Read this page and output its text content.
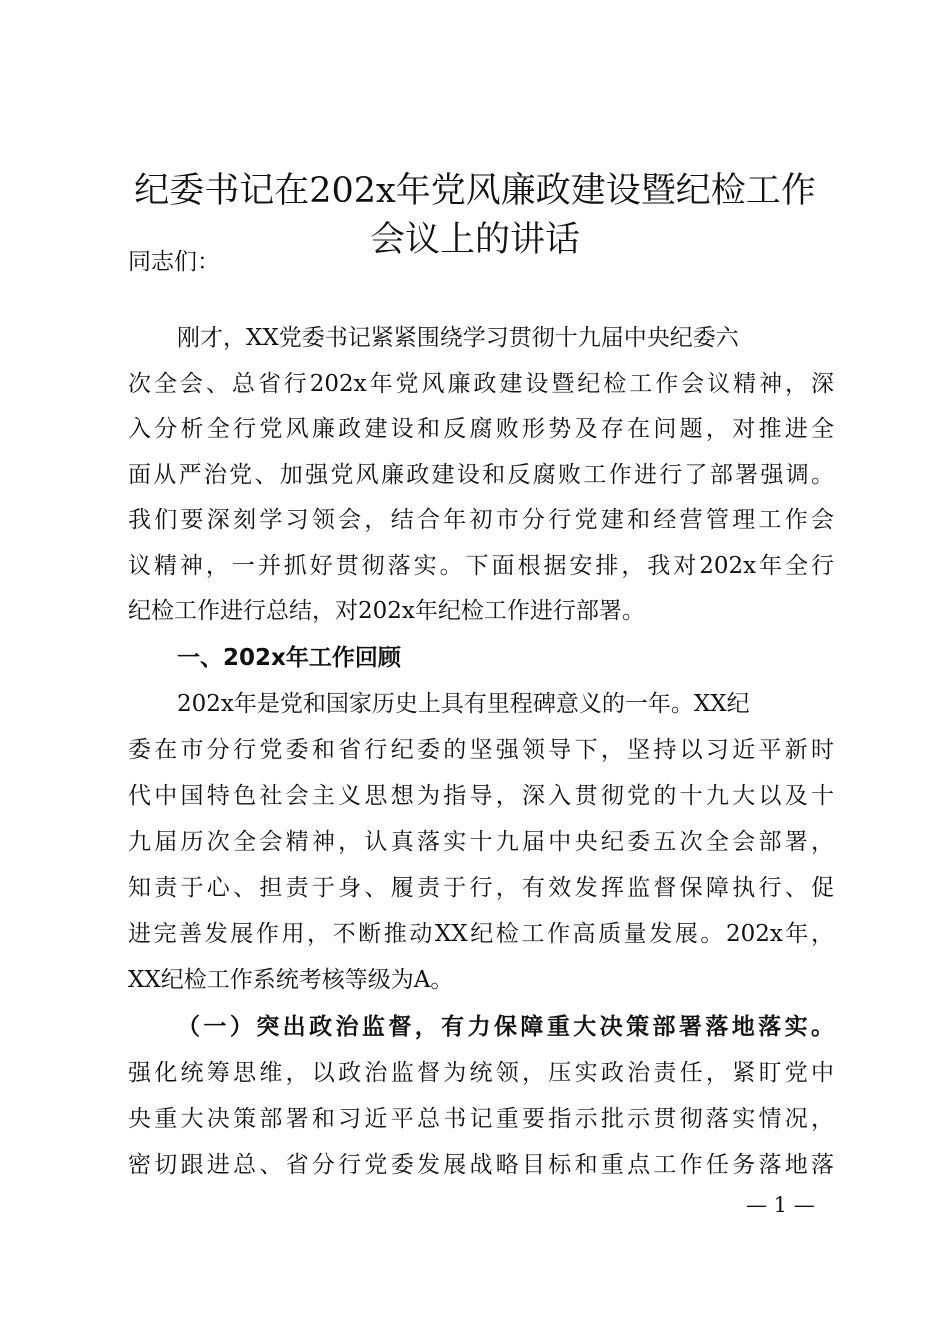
纪委书记在202x年党风廉政建设暨纪检工作
会议上的讲话
同志们：
刚才，XX党委书记紧紧围绕学习贯彻十九届中央纪委六
次全会、总省行202x年党风廉政建设暨纪检工作会议精神，深
入分析全行党风廉政建设和反腐败形势及存在问题，对推进全
面从严治党、加强党风廉政建设和反腐败工作进行了部署强调。
我们要深刻学习领会，结合年初市分行党建和经营管理工作会
议精神，一并抓好贯彻落实。下面根据安排，我对202x年全行
纪检工作进行总结，对202x年纪检工作进行部署。
一、202x年工作回顾
202x年是党和国家历史上具有里程碑意义的一年。XX纪
委在市分行党委和省行纪委的坚强领导下，坚持以习近平新时
代中国特色社会主义思想为指导，深入贯彻党的十九大以及十
九届历次全会精神，认真落实十九届中央纪委五次全会部署，
知责于心、担责于身、履责于行，有效发挥监督保障执行、促
进完善发展作用，不断推动XX纪检工作高质量发展。202x年，
XX纪检工作系统考核等级为A。
（一）突出政治监督，有力保障重大决策部署落地落实。
强化统筹思维，以政治监督为统领，压实政治责任，紧盯党中
央重大决策部署和习近平总书记重要指示批示贯彻落实情况，
密切跟进总、省分行党委发展战略目标和重点工作任务落地落
— 1 —
